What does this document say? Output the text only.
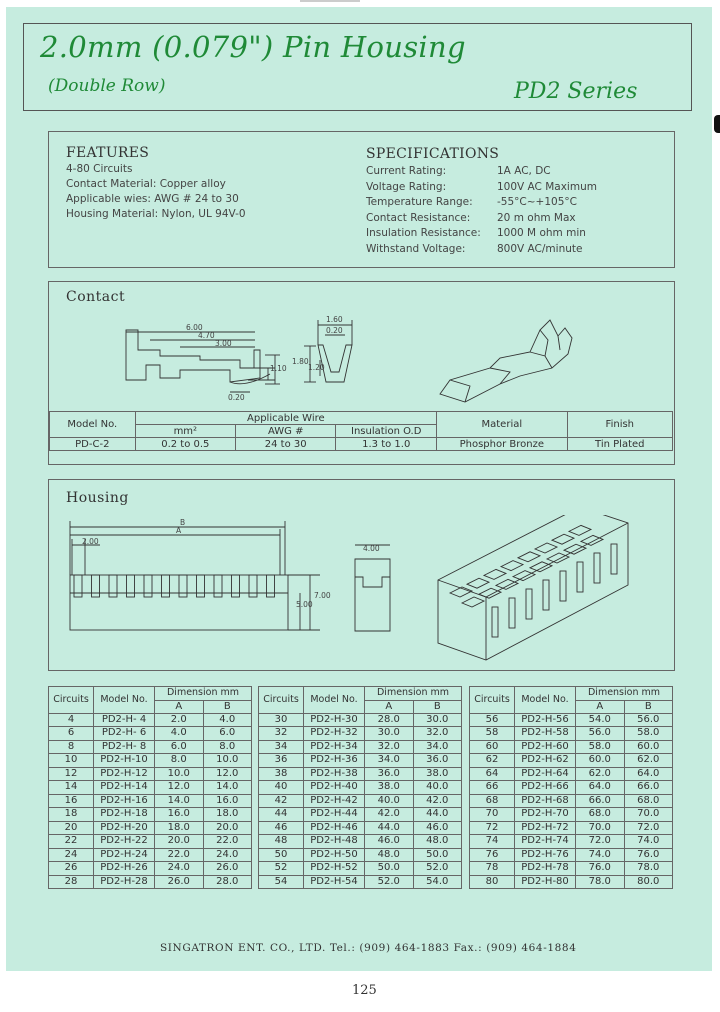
2.0mm (0.079") Pin Housing
(Double Row)	PD2 Series
FEATURES
4-80 Circuits
Contact Material: Copper alloy
Applicable wies: AWG # 24 to 30
Housing Material: Nylon, UL 94V-0
SPECIFICATIONS
Current Rating:	1A AC, DC
Voltage Rating:	100V AC Maximum
Temperature Range: -55°C~+105°C
Contact Resistance:	20 m ohm Max
Insulation Resistance: 1000 M ohm min
Withstand Voltage:	800V AC/minute
Contact
6.00
4.70
3.00
1.80
1.20
1.10
0.20
1.60
0.20
Model No.	Applicable Wire			Material	Finish
	mm²	AWG #	Insulation O.D		
PD-C-2	0.2 to 0.5	24 to 30	1.3 to 1.0	Phosphor Bronze	Tin Plated
Housing
B
A
2.00
7.00
5.00
4.00
Circuits	Model No.	Dimension mm	
		A	B
4	PD2-H- 4	2.0	4.0
6	PD2-H- 6	4.0	6.0
8	PD2-H- 8	6.0	8.0
10	PD2-H-10	8.0	10.0
12	PD2-H-12	10.0	12.0
14	PD2-H-14	12.0	14.0
16	PD2-H-16	14.0	16.0
18	PD2-H-18	16.0	18.0
20	PD2-H-20	18.0	20.0
22	PD2-H-22	20.0	22.0
24	PD2-H-24	22.0	24.0
26	PD2-H-26	24.0	26.0
28	PD2-H-28	26.0	28.0
Circuits	Model No.	Dimension mm	
		A	B
30	PD2-H-30	28.0	30.0
32	PD2-H-32	30.0	32.0
34	PD2-H-34	32.0	34.0
36	PD2-H-36	34.0	36.0
38	PD2-H-38	36.0	38.0
40	PD2-H-40	38.0	40.0
42	PD2-H-42	40.0	42.0
44	PD2-H-44	42.0	44.0
46	PD2-H-46	44.0	46.0
48	PD2-H-48	46.0	48.0
50	PD2-H-50	48.0	50.0
52	PD2-H-52	50.0	52.0
54	PD2-H-54	52.0	54.0
Circuits	Model No.	Dimension mm	
		A	B
56	PD2-H-56	54.0	56.0
58	PD2-H-58	56.0	58.0
60	PD2-H-60	58.0	60.0
62	PD2-H-62	60.0	62.0
64	PD2-H-64	62.0	64.0
66	PD2-H-66	64.0	66.0
68	PD2-H-68	66.0	68.0
70	PD2-H-70	68.0	70.0
72	PD2-H-72	70.0	72.0
74	PD2-H-74	72.0	74.0
76	PD2-H-76	74.0	76.0
78	PD2-H-78	76.0	78.0
80	PD2-H-80	78.0	80.0
SINGATRON ENT. CO., LTD. Tel.: (909) 464-1883 Fax.: (909) 464-1884
125
